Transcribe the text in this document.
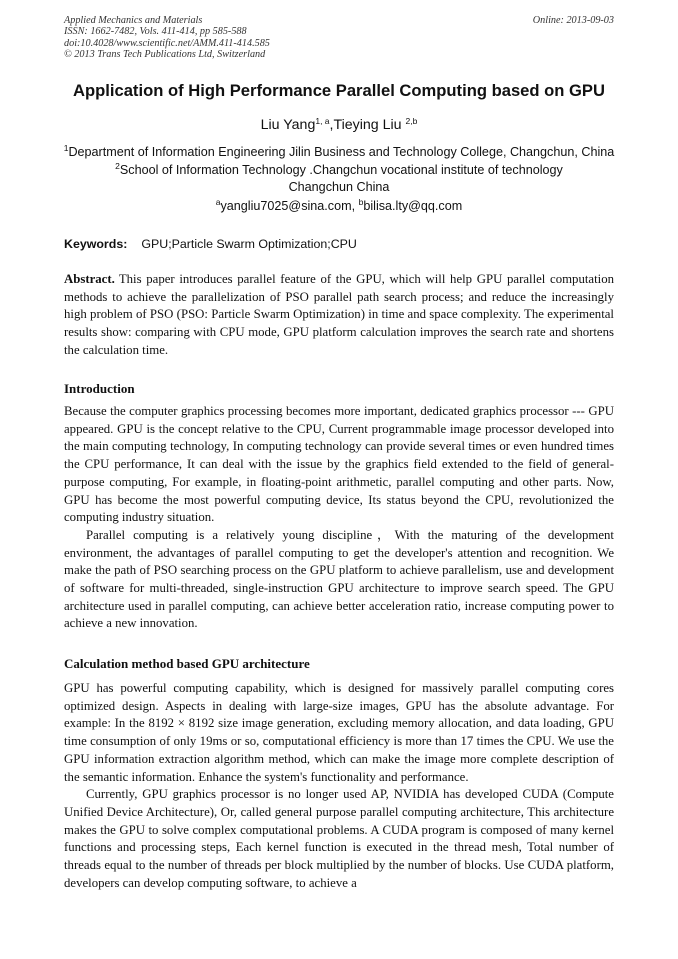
Applied Mechanics and Materials
ISSN: 1662-7482, Vols. 411-414, pp 585-588
doi:10.4028/www.scientific.net/AMM.411-414.585
© 2013 Trans Tech Publications Ltd, Switzerland
Online: 2013-09-03
Application of High Performance Parallel Computing based on GPU
Liu Yang$^{1, a}$,Tieying Liu $^{2,b}$
$^1$Department of Information Engineering Jilin Business and Technology College, Changchun, China
$^2$School of Information Technology .Changchun vocational institute of technology
Changchun China
$^a$yangliu7025@sina.com, $^b$bilisa.lty@qq.com
Keywords: GPU;Particle Swarm Optimization;CPU

Abstract. This paper introduces parallel feature of the GPU, which will help GPU parallel computation methods to achieve the parallelization of PSO parallel path search process; and reduce the increasingly high problem of PSO (PSO: Particle Swarm Optimization) in time and space complexity. The experimental results show: comparing with CPU mode, GPU platform calculation improves the search rate and shortens the calculation time.

Introduction

Because the computer graphics processing becomes more important, dedicated graphics processor --- GPU appeared. GPU is the concept relative to the CPU, Current programmable image processor developed into the main computing technology, In computing technology can provide several times or even hundred times the CPU performance, It can deal with the issue by the graphics field extended to the field of general-purpose computing, For example, in floating-point arithmetic, parallel computing and other parts. Now, GPU has become the most powerful computing device, Its status beyond the CPU, revolutionized the computing industry situation.

Parallel computing is a relatively young discipline，With the maturing of the development environment, the advantages of parallel computing to get the developer's attention and recognition. We make the path of PSO searching process on the GPU platform to achieve parallelism, use and development of software for multi-threaded, single-instruction GPU architecture to improve search speed. The GPU architecture used in parallel computing, can achieve better acceleration ratio, increase computing power to achieve a new innovation.

Calculation method based GPU architecture

GPU has powerful computing capability, which is designed for massively parallel computing cores optimized design. Aspects in dealing with large-size images, GPU has the absolute advantage. For example: In the 8192 × 8192 size image generation, excluding memory allocation, and data loading, GPU time consumption of only 19ms or so, computational efficiency is more than 17 times the CPU. We use the GPU information extraction algorithm method, which can make the image more complete description of the semantic information. Enhance the system's functionality and performance.

Currently, GPU graphics processor is no longer used AP, NVIDIA has developed CUDA (Compute Unified Device Architecture), Or, called general purpose parallel computing architecture, This architecture makes the GPU to solve complex computational problems. A CUDA program is composed of many kernel functions and processing steps, Each kernel function is executed in the thread mesh, Total number of threads equal to the number of threads per block multiplied by the number of blocks. Use CUDA platform, developers can develop computing software, to achieve a
